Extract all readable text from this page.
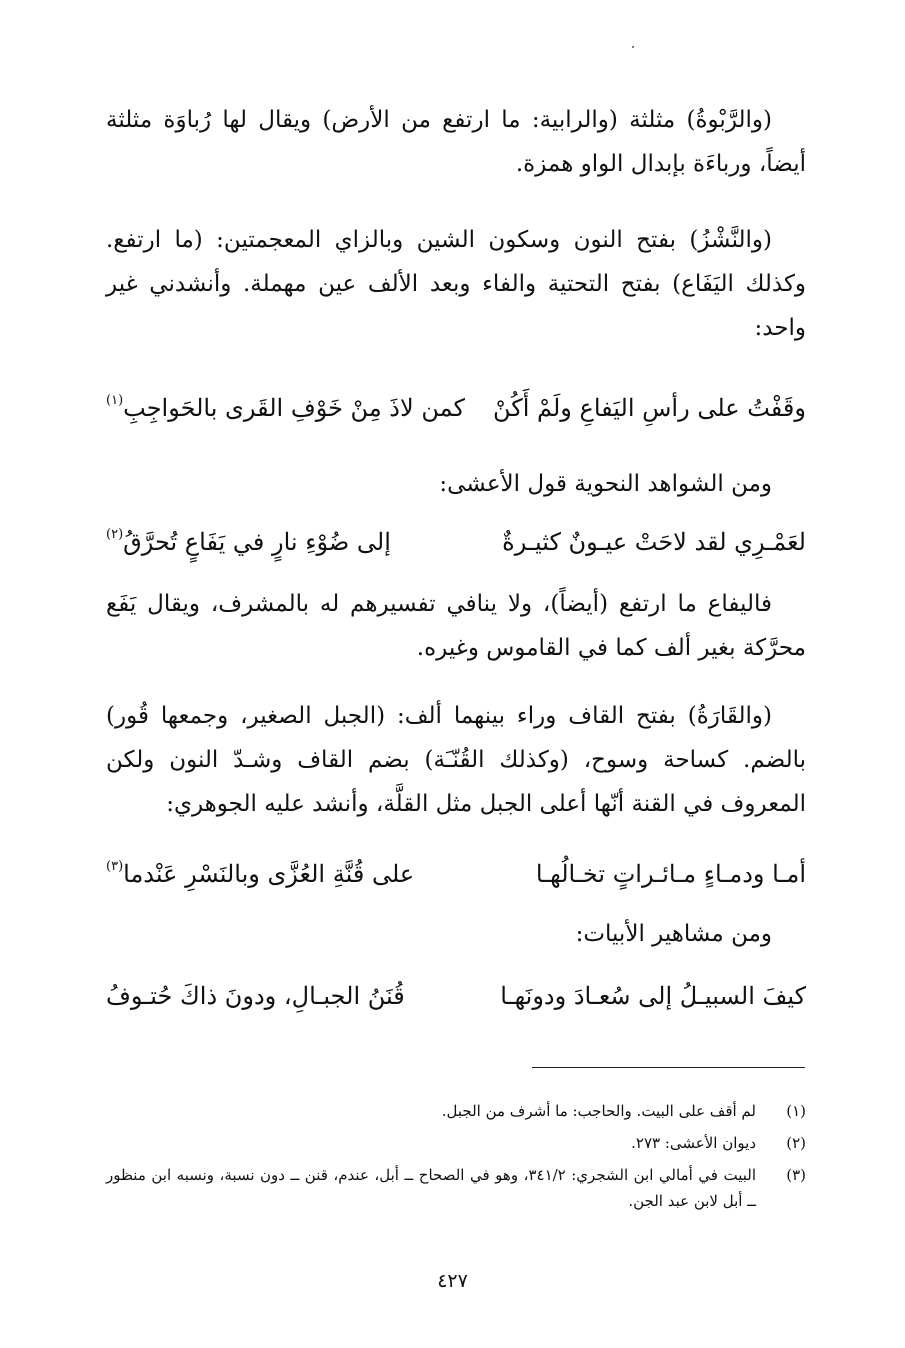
(والرَّبْوةُ) مثلثة (والرابية: ما ارتفع من الأرض) ويقال لها رُباوَة مثلثة أيضاً، ورباءَة بإبدال الواو همزة.

(والنَّشْزُ) بفتح النون وسكون الشين وبالزاي المعجمتين: (ما ارتفع. وكذلك اليَفَاع) بفتح التحتية والفاء وبعد الألف عين مهملة. وأنشدني غير واحد:

وقَفْتُ على رأسِ اليَفاعِ ولَمْ أَكُنْ
كمن لاذَ مِنْ خَوْفِ القَرى بالحَواجِبِ$^{(١)}$

ومن الشواهد النحوية قول الأعشى:

لعَمْـرِي لقد لاحَتْ عيـونٌ كثيـرةٌ
إلى ضُوْءِ نارٍ في يَفَاعٍ تُحرَّقُ$^{(٢)}$

فاليفاع ما ارتفع (أيضاً)، ولا ينافي تفسيرهم له بالمشرف، ويقال يَفَع محرَّكة بغير ألف كما في القاموس وغيره.

(والقَارَةُ) بفتح القاف وراء بينهما ألف: (الجبل الصغير، وجمعها قُور) بالضم. كساحة وسوح، (وكذلك القُنّـَة) بضم القاف وشـدّ النون ولكن المعروف في القنة أنّها أعلى الجبل مثل القلَّة، وأنشد عليه الجوهري:

أمـا ودمـاءٍ مـائـراتٍ تخـالُهـا
على قُنَّةِ العُزَّى وبالنَسْرِ عَنْدما$^{(٣)}$

ومن مشاهير الأبيات:

كيفَ السبيـلُ إلى سُعـادَ ودونَهـا
قُنَنُ الجبـالِ، ودونَ ذاكَ حُتـوفُ
(١)
لم أقف على البيت. والحاجب: ما أشرف من الجبل.
(٢)
ديوان الأعشى: ٢٧٣.
(٣)
البيت في أمالي ابن الشجري: ٣٤١/٢، وهو في الصحاح ــ أبل، عندم، قنن ــ دون نسبة، ونسبه ابن منظور ــ أبل لابن عبد الجن.
٤٢٧
